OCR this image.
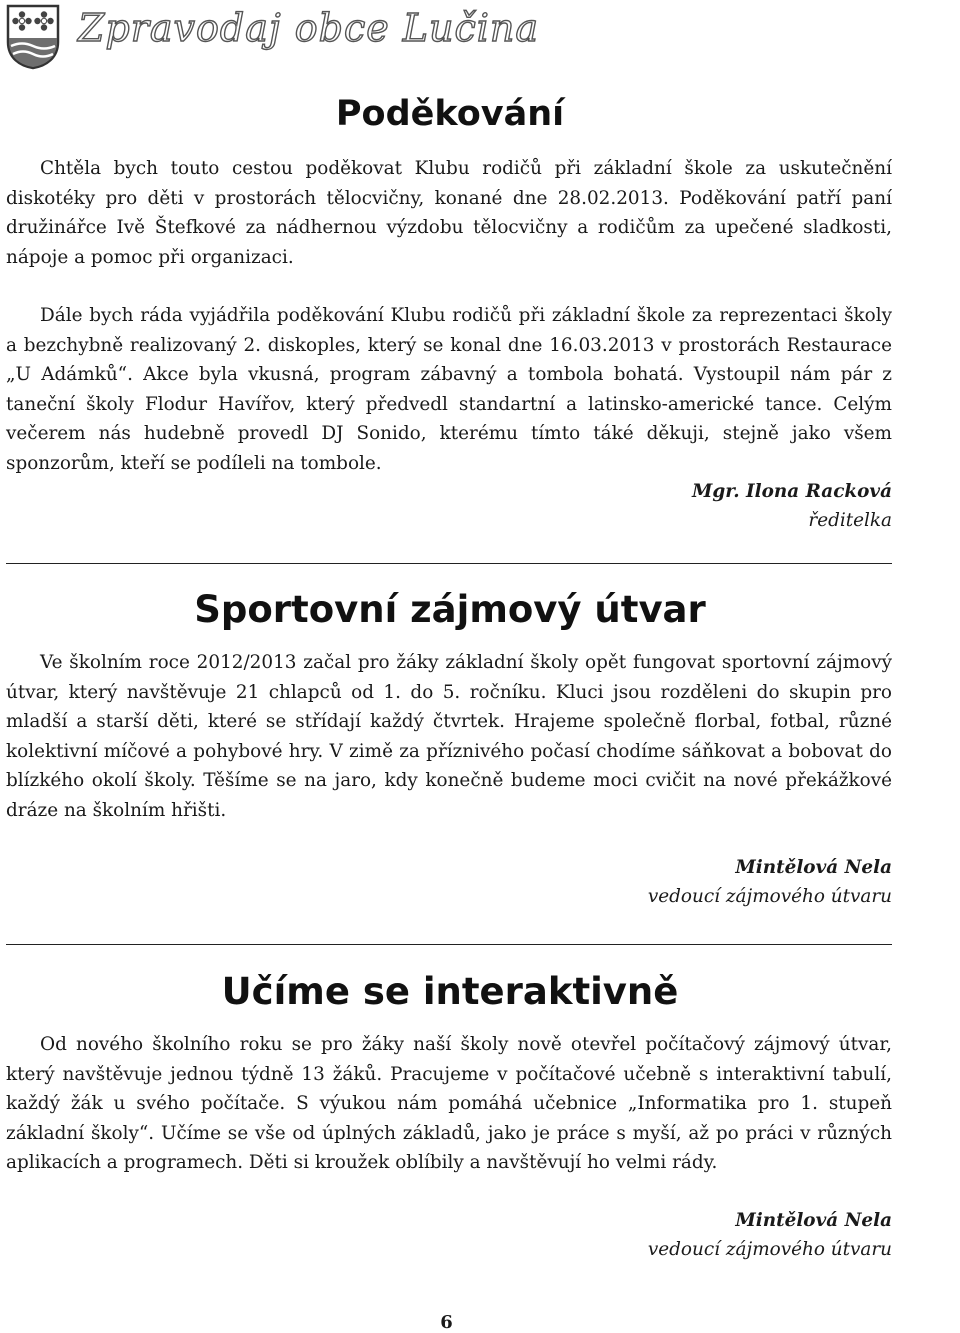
Zpravodaj obce Lučina
Poděkování

Chtěla bych touto cestou poděkovat Klubu rodičů při základní škole za uskutečnění diskotéky pro děti v prostorách tělocvičny, konané dne 28.02.2013. Poděkování patří paní družinářce Ivě Štefkové za nádhernou výzdobu tělocvičny a rodičům za upečené sladkosti, nápoje a pomoc při organizaci.

Dále bych ráda vyjádřila poděkování Klubu rodičů při základní škole za reprezentaci školy a bezchybně realizovaný 2. diskoples, který se konal dne 16.03.2013 v prostorách Restaurace „U Adámků“. Akce byla vkusná, program zábavný a tombola bohatá. Vystoupil nám pár z taneční školy Flodur Havířov, který předvedl standartní a latinsko-americké tance. Celým večerem nás hudebně provedl DJ Sonido, kterému tímto táké děkuji, stejně jako všem sponzorům, kteří se podíleli na tombole.

Mgr. Ilona Racková
ředitelka
Sportovní zájmový útvar

Ve školním roce 2012/2013 začal pro žáky základní školy opět fungovat sportovní zájmový útvar, který navštěvuje 21 chlapců od 1. do 5. ročníku. Kluci jsou rozděleni do skupin pro mladší a starší děti, které se střídají každý čtvrtek. Hrajeme společně florbal, fotbal, různé kolektivní míčové a pohybové hry. V zimě za příznivého počasí chodíme sáňkovat a bobovat do blízkého okolí školy. Těšíme se na jaro, kdy konečně budeme moci cvičit na nové překážkové dráze na školním hřišti.

Mintělová Nela
vedoucí zájmového útvaru
Učíme se interaktivně

Od nového školního roku se pro žáky naší školy nově otevřel počítačový zájmový útvar, který navštěvuje jednou týdně 13 žáků. Pracujeme v počítačové učebně s interaktivní tabulí, každý žák u svého počítače. S výukou nám pomáhá učebnice „Informatika pro 1. stupeň základní školy“. Učíme se vše od úplných základů, jako je práce s myší, až po práci v různých aplikacích a programech. Děti si kroužek oblíbily a navštěvují ho velmi rády.

Mintělová Nela
vedoucí zájmového útvaru
6
